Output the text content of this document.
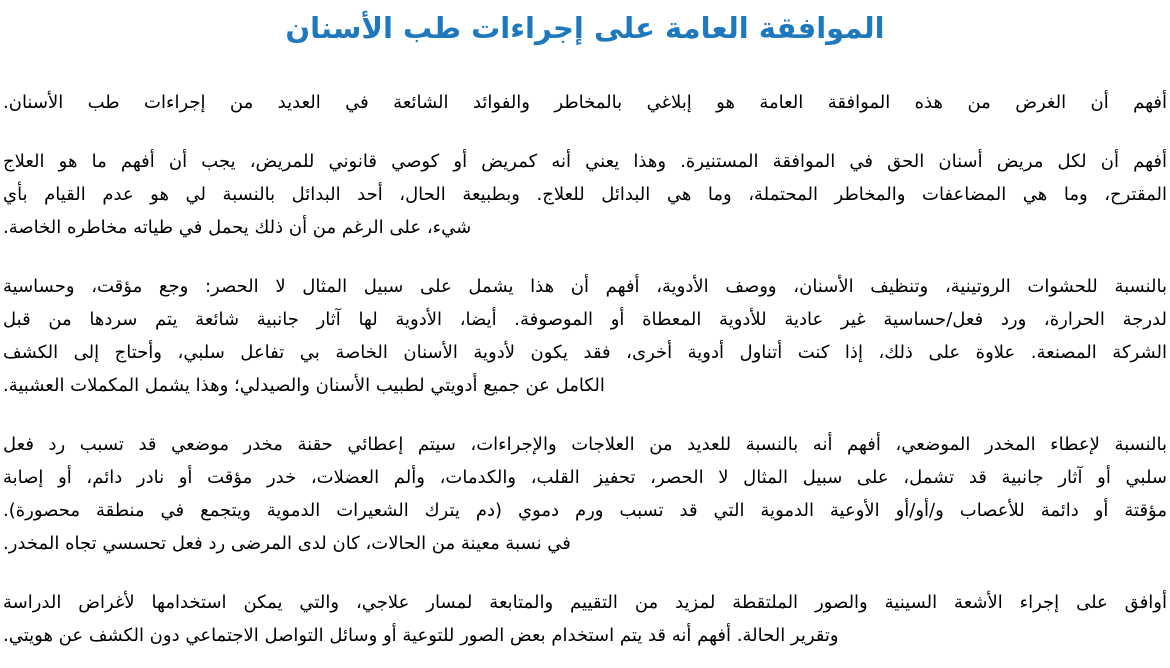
الموافقة العامة على إجراءات طب الأسنان
أفهم أن الغرض من هذه الموافقة العامة هو إبلاغي بالمخاطر والفوائد الشائعة في العديد من إجراءات طب الأسنان.
أفهم أن لكل مريض أسنان الحق في الموافقة المستنيرة. وهذا يعني أنه كمريض أو كوصي قانوني للمريض، يجب أن أفهم ما هو العلاج
المقترح، وما هي المضاعفات والمخاطر المحتملة، وما هي البدائل للعلاج. وبطبيعة الحال، أحد البدائل بالنسبة لي هو عدم القيام بأي
شيء، على الرغم من أن ذلك يحمل في طياته مخاطره الخاصة.
بالنسبة للحشوات الروتينية، وتنظيف الأسنان، ووصف الأدوية، أفهم أن هذا يشمل على سبيل المثال لا الحصر: وجع مؤقت، وحساسية
لدرجة الحرارة، ورد فعل/حساسية غير عادية للأدوية المعطاة أو الموصوفة. أيضا، الأدوية لها آثار جانبية شائعة يتم سردها من قبل
الشركة المصنعة. علاوة على ذلك، إذا كنت أتناول أدوية أخرى، فقد يكون لأدوية الأسنان الخاصة بي تفاعل سلبي، وأحتاج إلى الكشف
الكامل عن جميع أدويتي لطبيب الأسنان والصيدلي؛ وهذا يشمل المكملات العشبية.
بالنسبة لإعطاء المخدر الموضعي، أفهم أنه بالنسبة للعديد من العلاجات والإجراءات، سيتم إعطائي حقنة مخدر موضعي قد تسبب رد فعل
سلبي أو آثار جانبية قد تشمل، على سبيل المثال لا الحصر، تحفيز القلب، والكدمات، وألم العضلات، خدر مؤقت أو نادر دائم، أو إصابة
مؤقتة أو دائمة للأعصاب و/أو/أو الأوعية الدموية التي قد تسبب ورم دموي (دم يترك الشعيرات الدموية ويتجمع في منطقة محصورة).
في نسبة معينة من الحالات، كان لدى المرضى رد فعل تحسسي تجاه المخدر.
أوافق على إجراء الأشعة السينية والصور الملتقطة لمزيد من التقييم والمتابعة لمسار علاجي، والتي يمكن استخدامها لأغراض الدراسة
وتقرير الحالة. أفهم أنه قد يتم استخدام بعض الصور للتوعية أو وسائل التواصل الاجتماعي دون الكشف عن هويتي.
